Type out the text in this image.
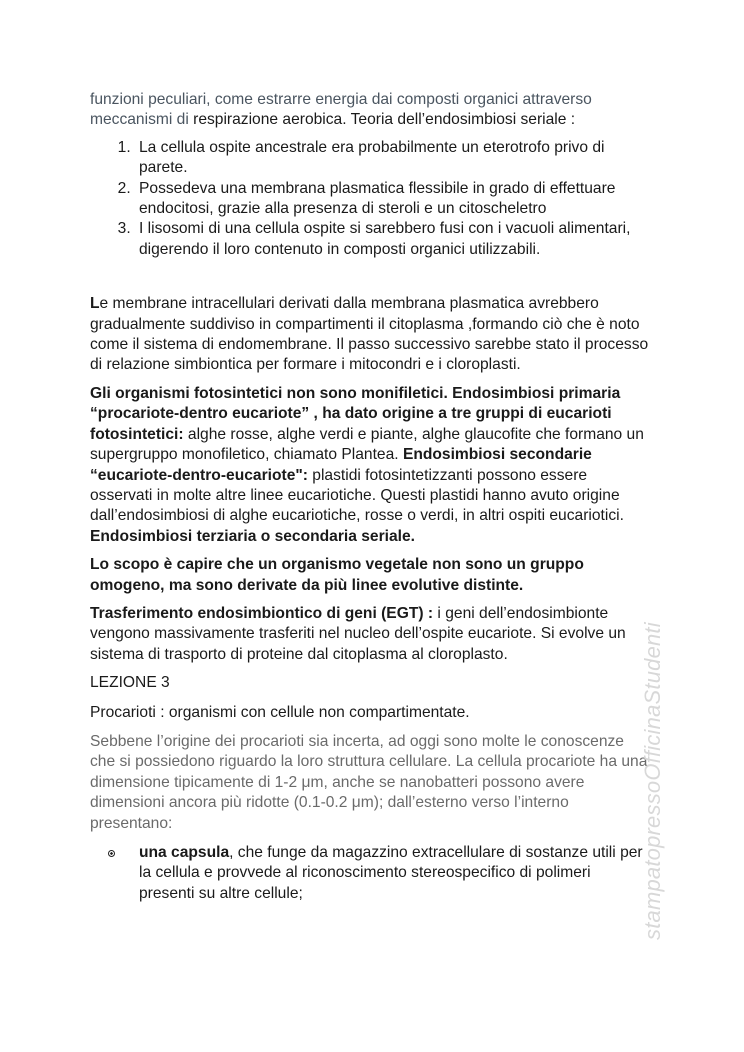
funzioni peculiari, come estrarre energia dai composti organici attraverso meccanismi di respirazione aerobica. Teoria dell’endosimbiosi seriale :

1. La cellula ospite ancestrale era probabilmente un eterotrofo privo di parete.
2. Possedeva una membrana plasmatica flessibile in grado di effettuare endocitosi, grazie alla presenza di steroli e un citoscheletro
3. I lisosomi di una cellula ospite si sarebbero fusi con i vacuoli alimentari, digerendo il loro contenuto in composti organici utilizzabili.

Le membrane intracellulari derivati dalla membrana plasmatica avrebbero gradualmente suddiviso in compartimenti il citoplasma ,formando ciò che è noto come il sistema di endomembrane. Il passo successivo sarebbe stato il processo di relazione simbiontica per formare i mitocondri e i cloroplasti.

Gli organismi fotosintetici non sono monifiletici. Endosimbiosi primaria “procariote-dentro eucariote” , ha dato origine a tre gruppi di eucarioti fotosintetici: alghe rosse, alghe verdi e piante, alghe glaucofite che formano un supergruppo monofiletico, chiamato Plantea. Endosimbiosi secondarie “eucariote-dentro-eucariote": plastidi fotosintetizzanti possono essere osservati in molte altre linee eucariotiche. Questi plastidi hanno avuto origine dall’endosimbiosi di alghe eucariotiche, rosse o verdi, in altri ospiti eucariotici. Endosimbiosi terziaria o secondaria seriale.

Lo scopo è capire che un organismo vegetale non sono un gruppo omogeno, ma sono derivate da più linee evolutive distinte.

Trasferimento endosimbiontico di geni (EGT) : i geni dell’endosimbionte vengono massivamente trasferiti nel nucleo dell’ospite eucariote. Si evolve un sistema di trasporto di proteine dal citoplasma al cloroplasto.

LEZIONE 3

Procarioti : organismi con cellule non compartimentate.

Sebbene l’origine dei procarioti sia incerta, ad oggi sono molte le conoscenze che si possiedono riguardo la loro struttura cellulare. La cellula procariote ha una dimensione tipicamente di 1-2 μm, anche se nanobatteri possono avere dimensioni ancora più ridotte (0.1-0.2 μm); dall’esterno verso l’interno presentano:

una capsula, che funge da magazzino extracellulare di sostanze utili per la cellula e provvede al riconoscimento stereospecifico di polimeri presenti su altre cellule;	stampatopressoOfficinaStudenti
